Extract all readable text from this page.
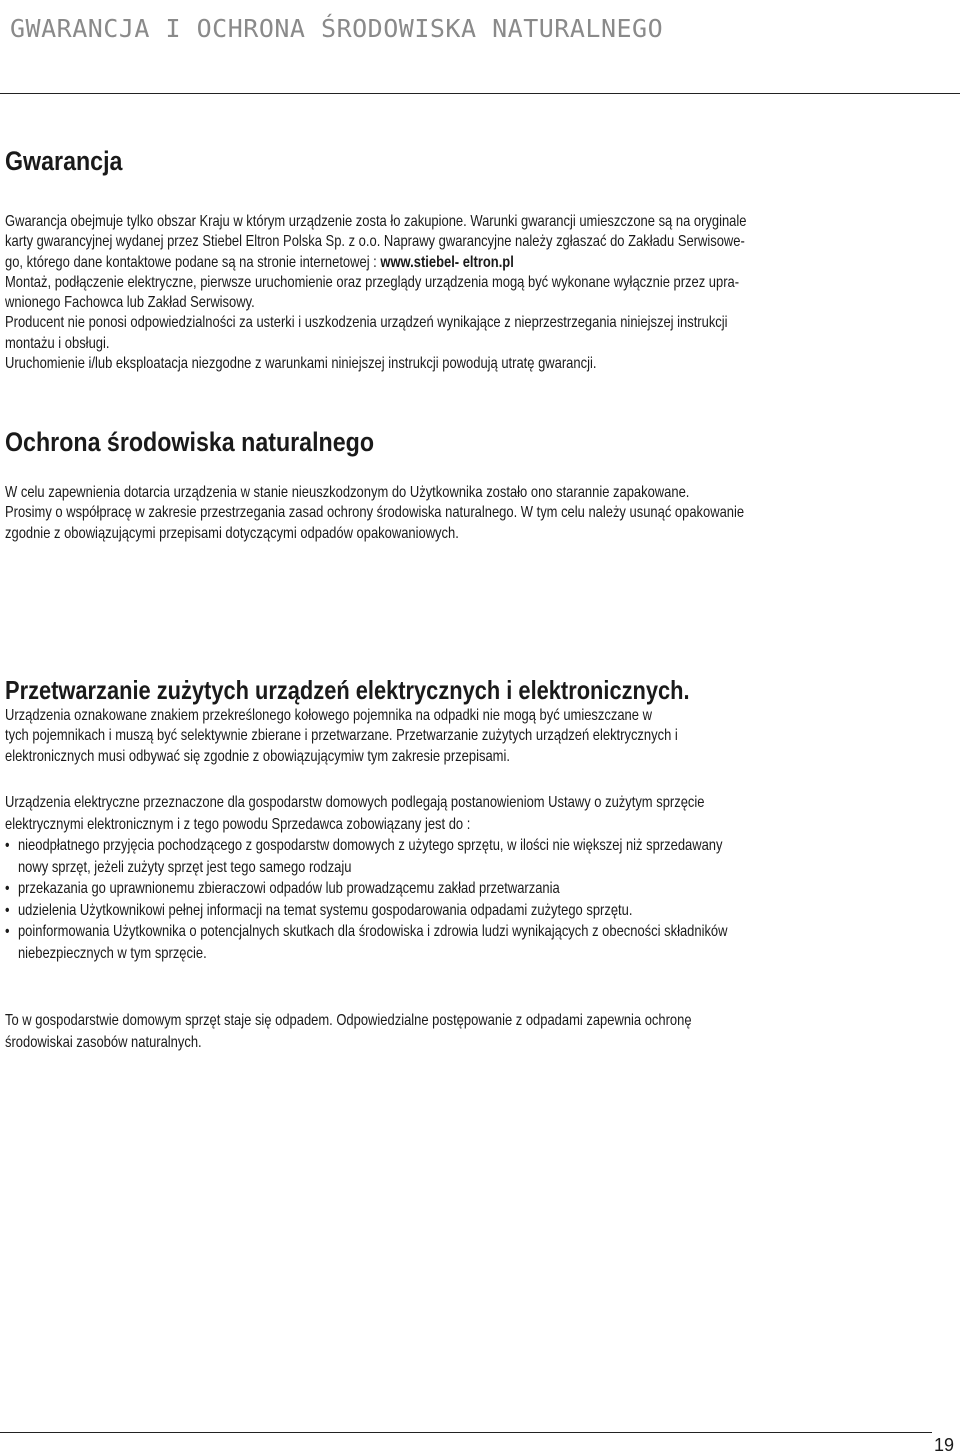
GWARANCJA I OCHRONA ŚRODOWISKA NATURALNEGO
Gwarancja
Gwarancja obejmuje tylko obszar Kraju w którym urządzenie zosta ło zakupione. Warunki gwarancji umieszczone są na oryginale
karty gwarancyjnej wydanej przez Stiebel Eltron Polska Sp. z o.o. Naprawy gwarancyjne należy zgłaszać do Zakładu Serwisowe-
go, którego dane kontaktowe podane są na stronie internetowej : www.stiebel- eltron.pl
Montaż, podłączenie elektryczne, pierwsze uruchomienie oraz przeglądy urządzenia mogą być wykonane wyłącznie przez upra-
wnionego Fachowca lub Zakład Serwisowy.
Producent nie ponosi odpowiedzialności za usterki i uszkodzenia urządzeń wynikające z nieprzestrzegania niniejszej instrukcji
montażu i obsługi.
Uruchomienie i/lub eksploatacja niezgodne z warunkami niniejszej instrukcji powodują utratę gwarancji.
Ochrona środowiska naturalnego
W celu zapewnienia dotarcia urządzenia w stanie nieuszkodzonym do Użytkownika zostało ono starannie zapakowane.
Prosimy o współpracę w zakresie przestrzegania zasad ochrony środowiska naturalnego. W tym celu należy usunąć opakowanie
zgodnie z obowiązującymi przepisami dotyczącymi odpadów opakowaniowych.
Przetwarzanie zużytych urządzeń elektrycznych i elektronicznych.
Urządzenia oznakowane znakiem przekreślonego kołowego pojemnika na odpadki nie mogą być umieszczane w
tych pojemnikach i muszą być selektywnie zbierane i przetwarzane. Przetwarzanie zużytych urządzeń elektrycznych i
elektronicznych musi odbywać się zgodnie z obowiązującymiw tym zakresie przepisami.
Urządzenia elektryczne przeznaczone dla gospodarstw domowych podlegają postanowieniom Ustawy o zużytym sprzęcie
elektrycznymi elektronicznym i z tego powodu Sprzedawca zobowiązany jest do :
• nieodpłatnego przyjęcia pochodzącego z gospodarstw domowych z użytego sprzętu, w ilości nie większej niż sprzedawany
nowy sprzęt, jeżeli zużyty sprzęt jest tego samego rodzaju
• przekazania go uprawnionemu zbieraczowi odpadów lub prowadzącemu zakład przetwarzania
• udzielenia Użytkownikowi pełnej informacji na temat systemu gospodarowania odpadami zużytego sprzętu.
• poinformowania Użytkownika o potencjalnych skutkach dla środowiska i zdrowia ludzi wynikających z obecności składników
niebezpiecznych w tym sprzęcie.
To w gospodarstwie domowym sprzęt staje się odpadem. Odpowiedzialne postępowanie z odpadami zapewnia ochronę
środowiskai zasobów naturalnych.
19
